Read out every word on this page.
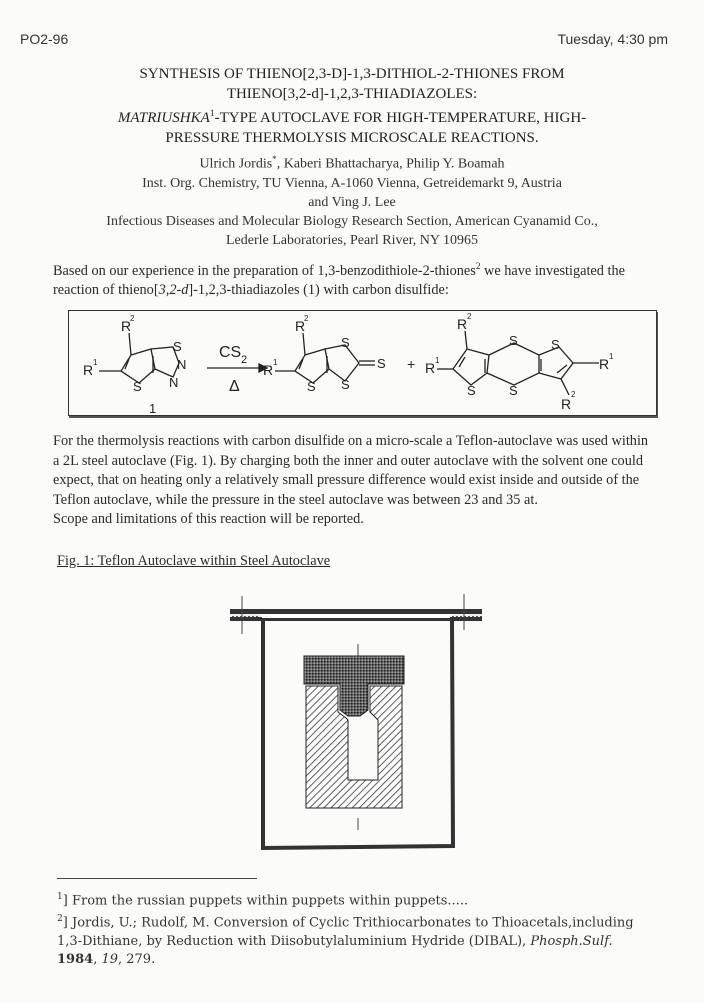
PO2-96	Tuesday, 4:30 pm
SYNTHESIS OF THIENO[2,3-D]-1,3-DITHIOL-2-THIONES FROM
THIENO[3,2-d]-1,2,3-THIADIAZOLES:
MATRIUSHKA$^1$-TYPE AUTOCLAVE FOR HIGH-TEMPERATURE, HIGH-
PRESSURE THERMOLYSIS MICROSCALE REACTIONS.
Ulrich Jordis*, Kaberi Bhattacharya, Philip Y. Boamah
Inst. Org. Chemistry, TU Vienna, A-1060 Vienna, Getreidemarkt 9, Austria
and Ving J. Lee
Infectious Diseases and Molecular Biology Research Section, American Cyanamid Co.,
Lederle Laboratories, Pearl River, NY 10965
Based on our experience in the preparation of 1,3-benzodithiole-2-thiones$^2$ we have investigated the reaction of thieno[3,2-d]-1,2,3-thiadiazoles (1) with carbon disulfide:
R
2
R 1
S
N
N
S
1
CS 2
Δ
R
2
R 1
S
S
S
S +
R 2
R 1
S
S
S
S
R 1
R
2
For the thermolysis reactions with carbon disulfide on a micro-scale a Teflon-autoclave was used within a 2L steel autoclave (Fig. 1). By charging both the inner and outer autoclave with the solvent one could expect, that on heating only a relatively small pressure difference would exist inside and outside of the Teflon autoclave, while the pressure in the steel autoclave was between 23 and 35 at.
Scope and limitations of this reaction will be reported.
Fig. 1: Teflon Autoclave within Steel Autoclave
$^1$] From the russian puppets within puppets within puppets.....
$^2$] Jordis, U.; Rudolf, M. Conversion of Cyclic Trithiocarbonates to Thioacetals,including 1,3-Dithiane, by Reduction with Diisobutylaluminium Hydride (DIBAL), Phosph.Sulf.
1984, 19, 279.
